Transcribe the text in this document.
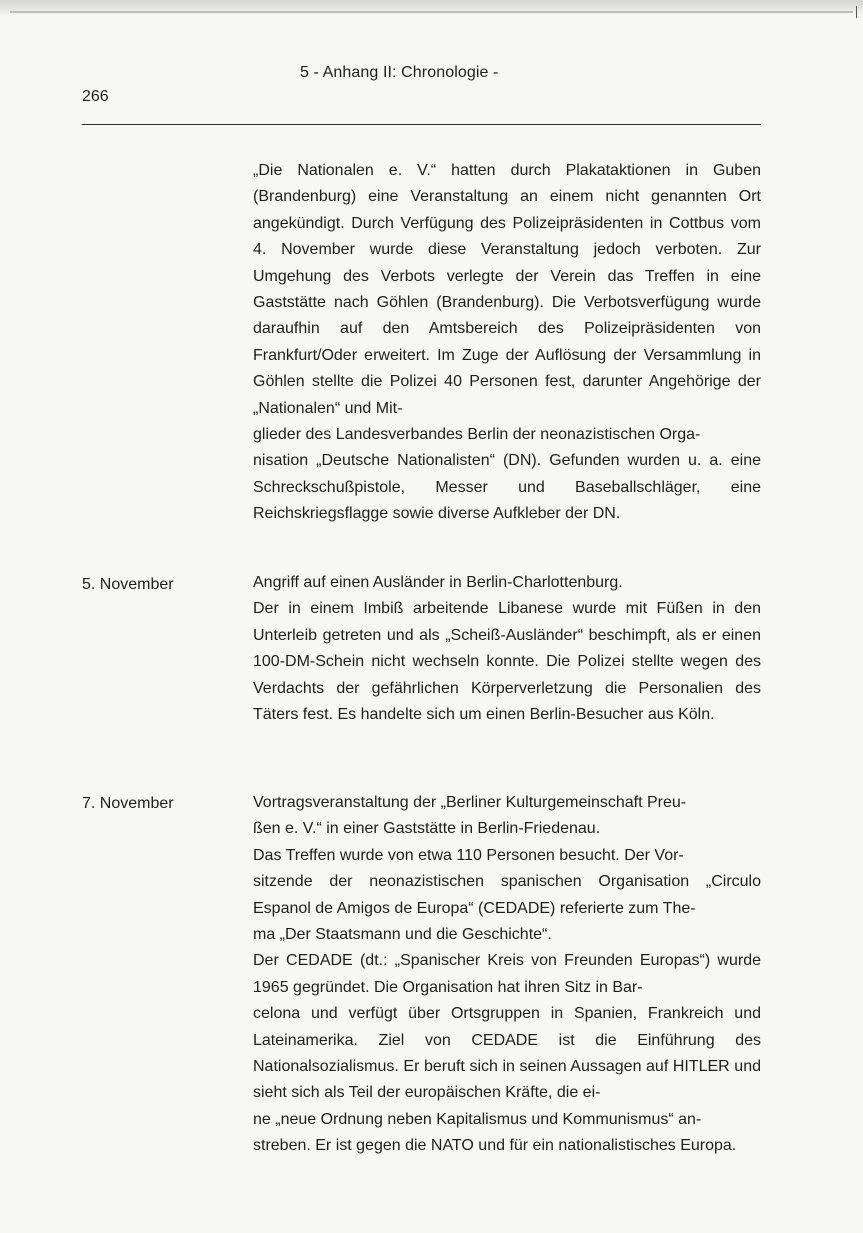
5 - Anhang II: Chronologie -
266

„Die Nationalen e. V.“ hatten durch Plakataktionen in Guben (Brandenburg) eine Veranstaltung an einem nicht genannten Ort angekündigt. Durch Verfügung des Polizeipräsidenten in Cottbus vom 4. November wurde diese Veranstaltung jedoch verboten. Zur Umgehung des Verbots verlegte der Verein das Treffen in eine Gaststätte nach Göhlen (Brandenburg). Die Verbotsverfügung wurde daraufhin auf den Amtsbereich des Polizeipräsidenten von Frankfurt/Oder erweitert. Im Zuge der Auflösung der Versammlung in Göhlen stellte die Polizei 40 Personen fest, darunter Angehörige der „Nationalen“ und Mit-
glieder des Landesverbandes Berlin der neonazistischen Orga-
nisation „Deutsche Nationalisten“ (DN). Gefunden wurden u. a. eine Schreckschußpistole, Messer und Baseballschläger, eine Reichskriegsflagge sowie diverse Aufkleber der DN.

5. November	Angriff auf einen Ausländer in Berlin-Charlottenburg.

Der in einem Imbiß arbeitende Libanese wurde mit Füßen in den Unterleib getreten und als „Scheiß-Ausländer“ beschimpft, als er einen 100-DM-Schein nicht wechseln konnte. Die Polizei stellte wegen des Verdachts der gefährlichen Körperverletzung die Personalien des Täters fest. Es handelte sich um einen Berlin-Besucher aus Köln.

7. November	Vortragsveranstaltung der „Berliner Kulturgemeinschaft Preu-
ßen e. V.“ in einer Gaststätte in Berlin-Friedenau.

Das Treffen wurde von etwa 110 Personen besucht. Der Vor-
sitzende der neonazistischen spanischen Organisation „Circulo Espanol de Amigos de Europa“ (CEDADE) referierte zum The-
ma „Der Staatsmann und die Geschichte“.

Der CEDADE (dt.: „Spanischer Kreis von Freunden Europas“) wurde 1965 gegründet. Die Organisation hat ihren Sitz in Bar-
celona und verfügt über Ortsgruppen in Spanien, Frankreich und Lateinamerika. Ziel von CEDADE ist die Einführung des Nationalsozialismus. Er beruft sich in seinen Aussagen auf HITLER und sieht sich als Teil der europäischen Kräfte, die ei-
ne „neue Ordnung neben Kapitalismus und Kommunismus“ an-
streben. Er ist gegen die NATO und für ein nationalistisches Europa.
